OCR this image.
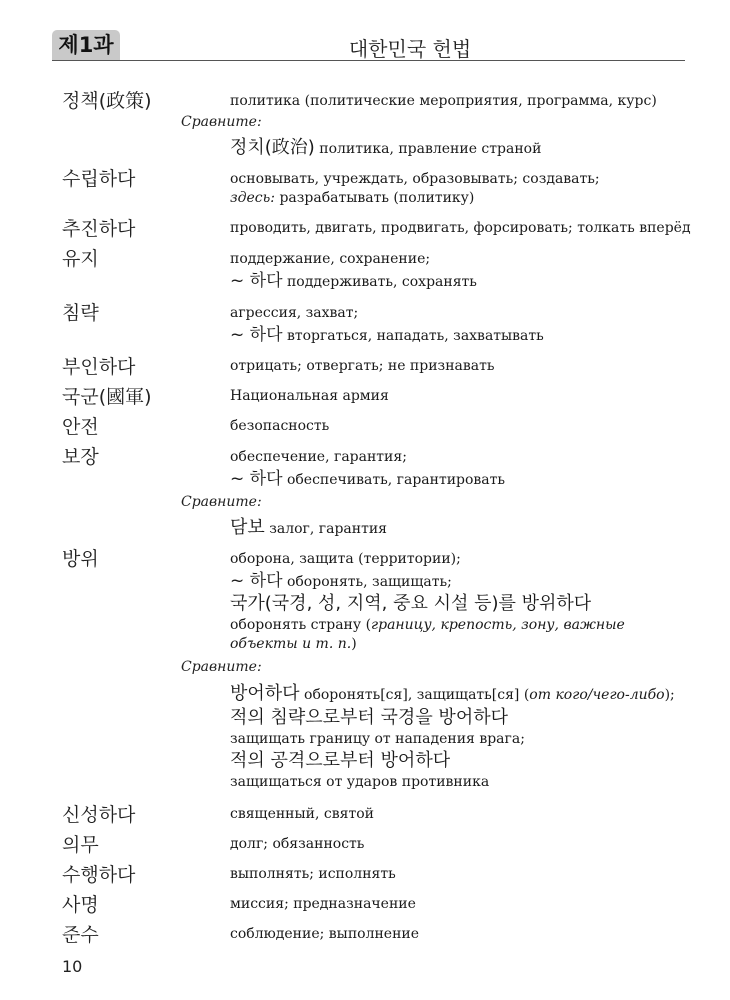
제1과	대한민국 헌법
정책(政策)	политика (политические мероприятия, программа, курс)
Сравните:
정치(政治) политика, правление страной
수립하다	основывать, учреждать, образовывать; создавать;
здесь: разрабатывать (политику)
추진하다	проводить, двигать, продвигать, форсировать; толкать вперёд
유지	поддержание, сохранение;
~ 하다 поддерживать, сохранять
침략	агрессия, захват;
~ 하다 вторгаться, нападать, захватывать
부인하다	отрицать; отвергать; не признавать
국군(國軍)	Национальная армия
안전	безопасность
보장	обеспечение, гарантия;
~ 하다 обеспечивать, гарантировать
Сравните:
담보 залог, гарантия
방위	оборона, защита (территории);
~ 하다 оборонять, защищать;
국가(국경, 성, 지역, 중요 시설 등)를 방위하다
оборонять страну (границу, крепость, зону, важные объекты и т. п.)
Сравните:
방어하다 оборонять[ся], защищать[ся] (от кого/чего-либо);
적의 침략으로부터 국경을 방어하다
защищать границу от нападения врага;
적의 공격으로부터 방어하다
защищаться от ударов противника
신성하다	священный, святой
의무	долг; обязанность
수행하다	выполнять; исполнять
사명	миссия; предназначение
준수	соблюдение; выполнение
10
